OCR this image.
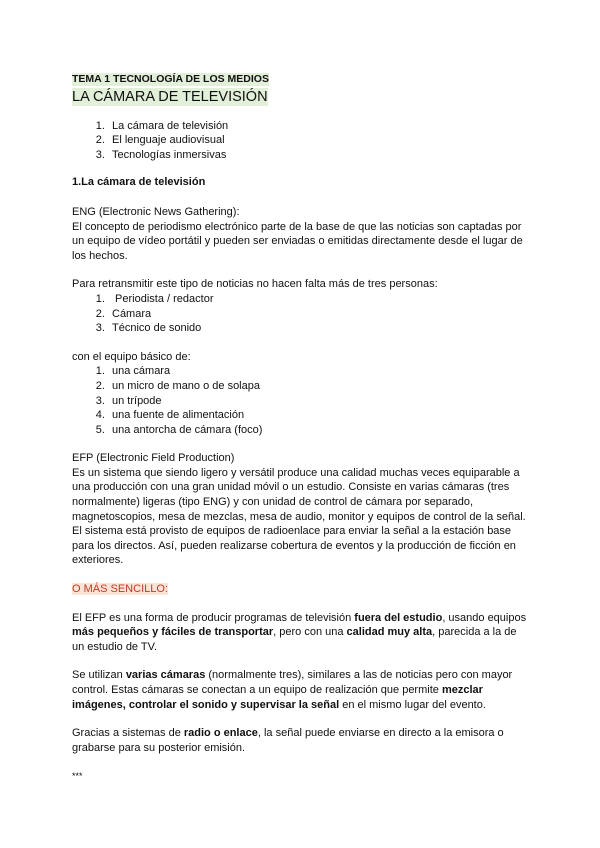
TEMA 1 TECNOLOGÍA DE LOS MEDIOS
LA CÁMARA DE TELEVISIÓN
1. La cámara de televisión
2. El lenguaje audiovisual
3. Tecnologías inmersivas

1.La cámara de televisión

ENG (Electronic News Gathering):

El concepto de periodismo electrónico parte de la base de que las noticias son captadas por un equipo de vídeo portátil y pueden ser enviadas o emitidas directamente desde el lugar de los hechos.

Para retransmitir este tipo de noticias no hacen falta más de tres personas:

1.  Periodista / redactor
2. Cámara
3. Técnico de sonido

con el equipo básico de:

1. una cámara
2. un micro de mano o de solapa
3. un trípode
4. una fuente de alimentación
5. una antorcha de cámara (foco)

EFP (Electronic Field Production)

Es un sistema que siendo ligero y versátil produce una calidad muchas veces equiparable a una producción con una gran unidad móvil o un estudio. Consiste en varias cámaras (tres normalmente) ligeras (tipo ENG) y con unidad de control de cámara por separado, magnetoscopios, mesa de mezclas, mesa de audio, monitor y equipos de control de la señal. El sistema está provisto de equipos de radioenlace para enviar la señal a la estación base para los directos. Así, pueden realizarse cobertura de eventos y la producción de ficción en exteriores.

O MÁS SENCILLO:

El EFP es una forma de producir programas de televisión fuera del estudio, usando equipos más pequeños y fáciles de transportar, pero con una calidad muy alta, parecida a la de un estudio de TV.

Se utilizan varias cámaras (normalmente tres), similares a las de noticias pero con mayor control. Estas cámaras se conectan a un equipo de realización que permite mezclar imágenes, controlar el sonido y supervisar la señal en el mismo lugar del evento.

Gracias a sistemas de radio o enlace, la señal puede enviarse en directo a la emisora o grabarse para su posterior emisión.

***
